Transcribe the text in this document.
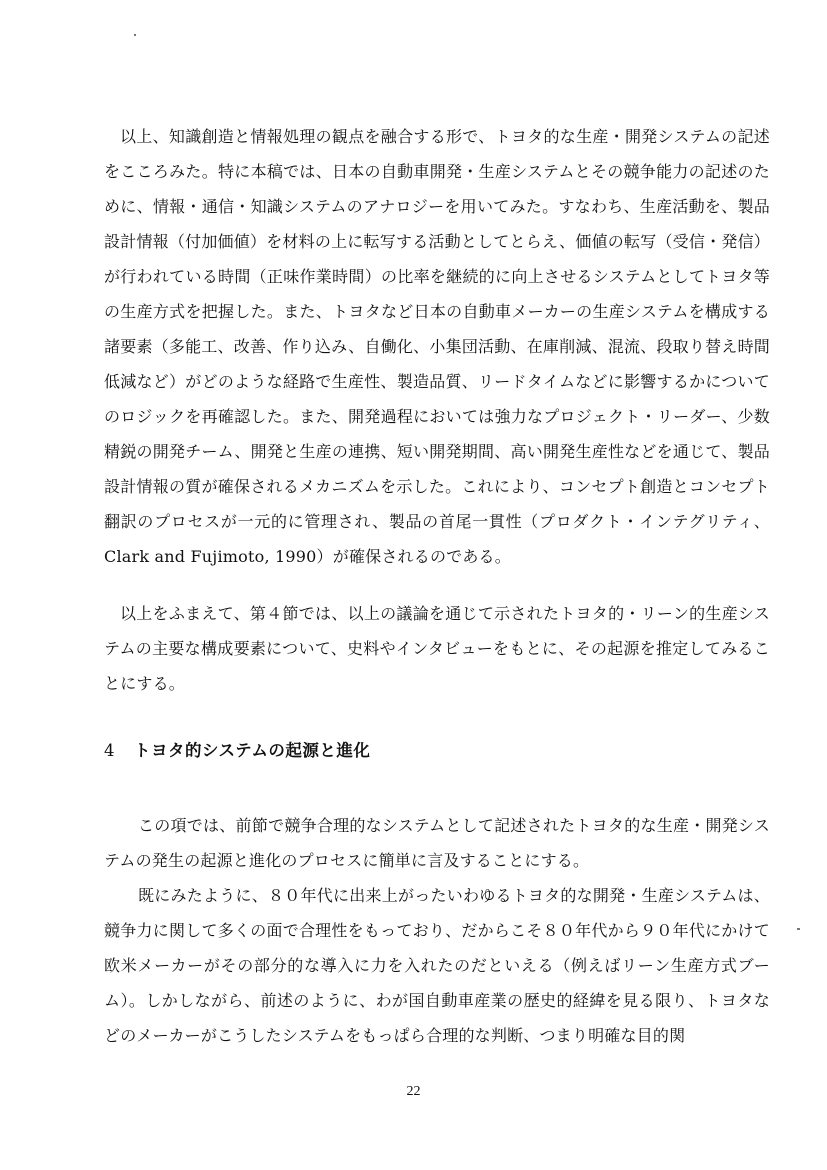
以上、知識創造と情報処理の観点を融合する形で、トヨタ的な生産・開発システムの記述をこころみた。特に本稿では、日本の自動車開発・生産システムとその競争能力の記述のために、情報・通信・知識システムのアナロジーを用いてみた。すなわち、生産活動を、製品設計情報（付加価値）を材料の上に転写する活動としてとらえ、価値の転写（受信・発信）が行われている時間（正味作業時間）の比率を継続的に向上させるシステムとしてトヨタ等の生産方式を把握した。また、トヨタなど日本の自動車メーカーの生産システムを構成する諸要素（多能工、改善、作り込み、自働化、小集団活動、在庫削減、混流、段取り替え時間低減など）がどのような経路で生産性、製造品質、リードタイムなどに影響するかについてのロジックを再確認した。また、開発過程においては強力なプロジェクト・リーダー、少数精鋭の開発チーム、開発と生産の連携、短い開発期間、高い開発生産性などを通じて、製品設計情報の質が確保されるメカニズムを示した。これにより、コンセプト創造とコンセプト翻訳のプロセスが一元的に管理され、製品の首尾一貫性（プロダクト・インテグリティ、Clark and Fujimoto, 1990）が確保されるのである。

以上をふまえて、第４節では、以上の議論を通じて示されたトヨタ的・リーン的生産システムの主要な構成要素について、史料やインタビューをもとに、その起源を推定してみることにする。

4 トヨタ的システムの起源と進化

この項では、前節で競争合理的なシステムとして記述されたトヨタ的な生産・開発システムの発生の起源と進化のプロセスに簡単に言及することにする。

既にみたように、８０年代に出来上がったいわゆるトヨタ的な開発・生産システムは、競争力に関して多くの面で合理性をもっており、だからこそ８０年代から９０年代にかけて欧米メーカーがその部分的な導入に力を入れたのだといえる（例えばリーン生産方式ブーム）。しかしながら、前述のように、わが国自動車産業の歴史的経緯を見る限り、トヨタなどのメーカーがこうしたシステムをもっぱら合理的な判断、つまり明確な目的関

22
